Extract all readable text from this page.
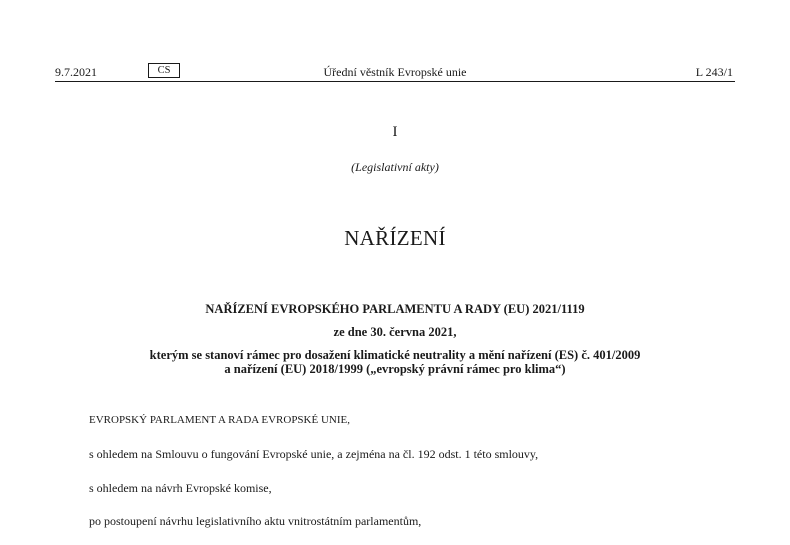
9.7.2021	CS	Úřední věstník Evropské unie	L 243/1
I
(Legislativní akty)
NAŘÍZENÍ
NAŘÍZENÍ EVROPSKÉHO PARLAMENTU A RADY (EU) 2021/1119
ze dne 30. června 2021,
kterým se stanoví rámec pro dosažení klimatické neutrality a mění nařízení (ES) č. 401/2009
a nařízení (EU) 2018/1999 („evropský právní rámec pro klima“)
EVROPSKÝ PARLAMENT A RADA EVROPSKÉ UNIE,
s ohledem na Smlouvu o fungování Evropské unie, a zejména na čl. 192 odst. 1 této smlouvy,
s ohledem na návrh Evropské komise,
po postoupení návrhu legislativního aktu vnitrostátním parlamentům,
